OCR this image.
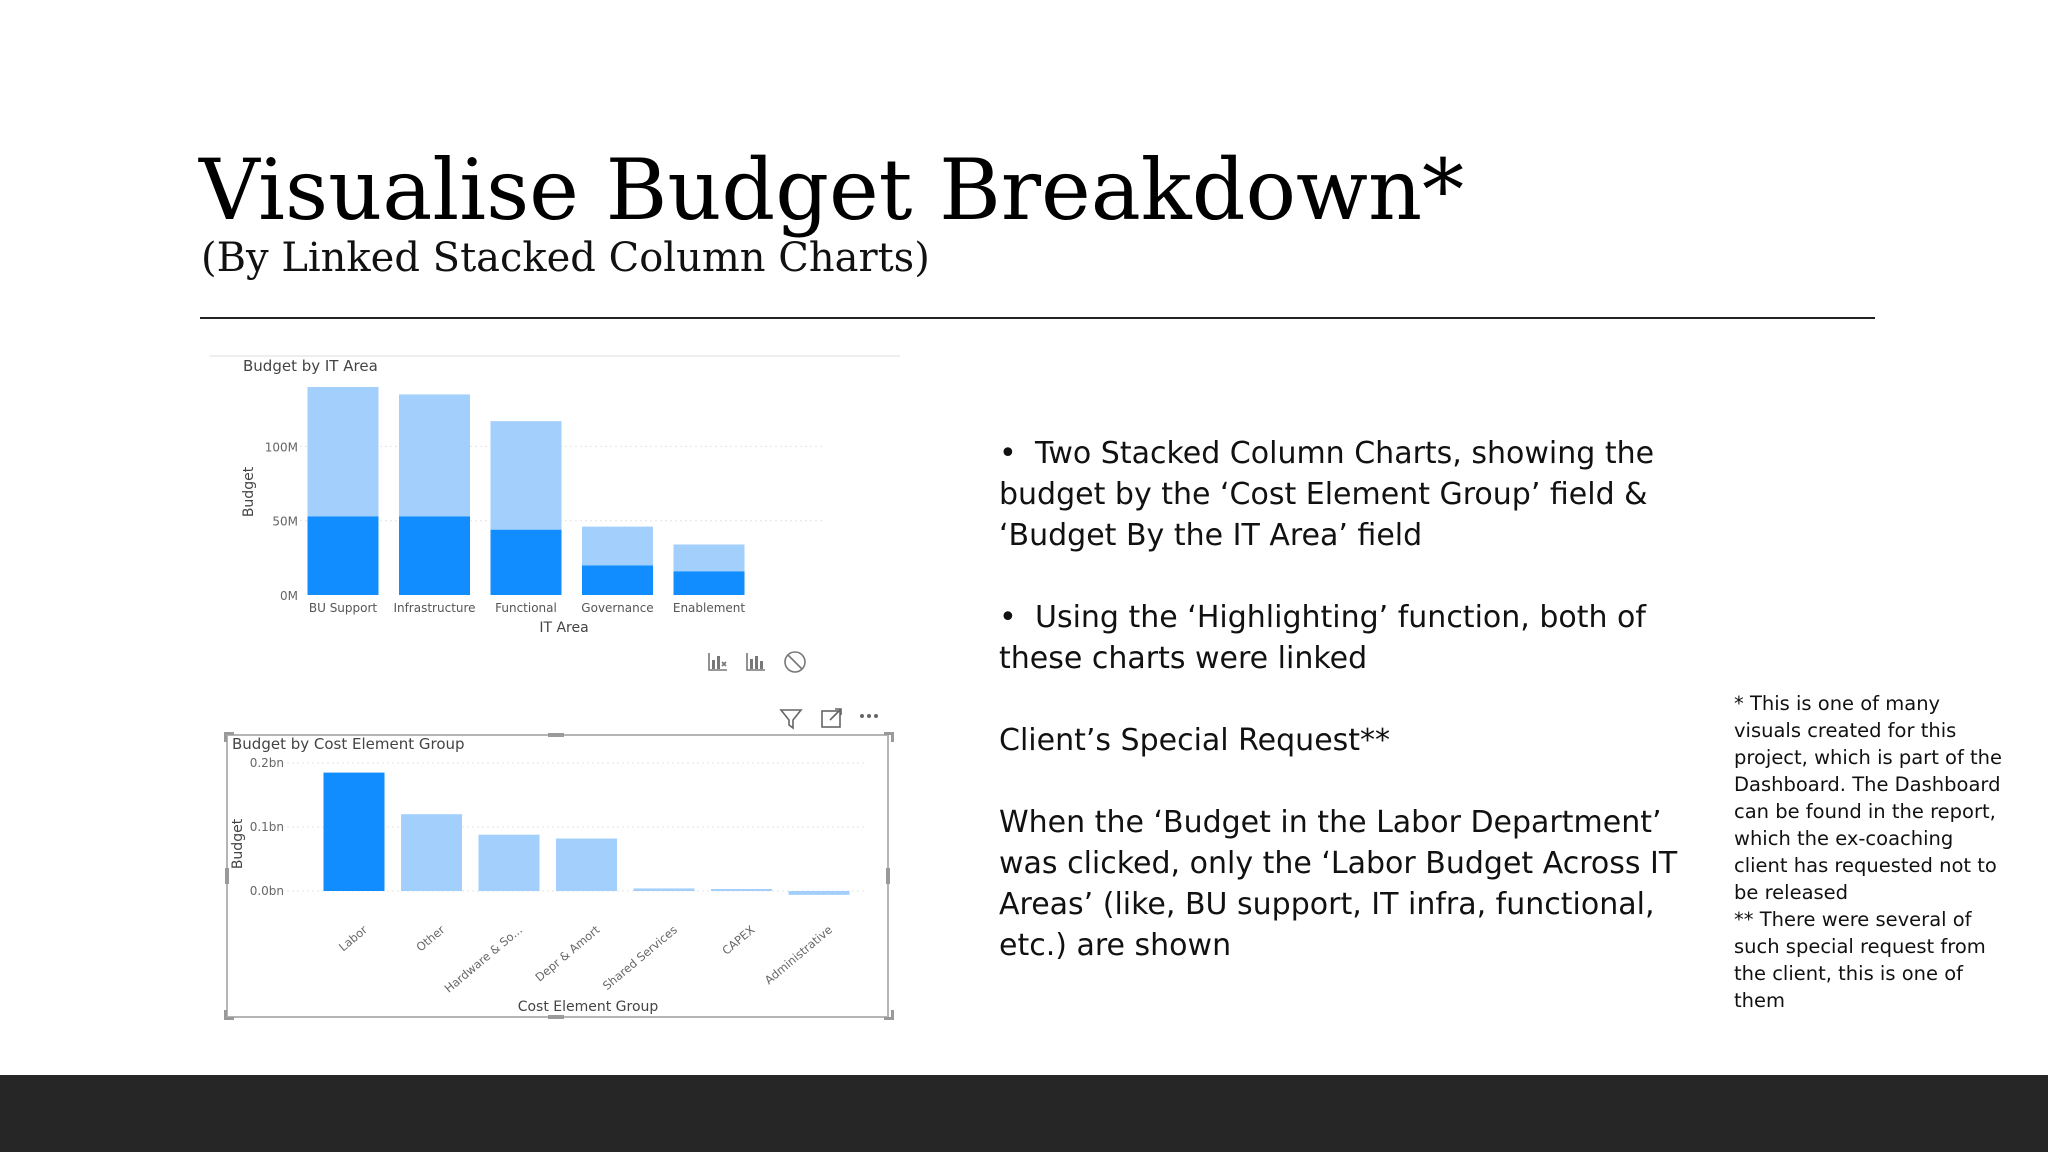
Visualise Budget Breakdown*
(By Linked Stacked Column Charts)
Budget by IT Area
Budget
IT Area
0M
50M
100M
BU Support Infrastructure Functional Governance Enablement
Budget by Cost Element Group
Budget
Cost Element Group
0.0bn
0.1bn
0.2bn
Labor	Other
Hardware & So... Depr & Amort
Shared Services	CAPEX Administrative

• Two Stacked Column Charts, showing the budget by the ‘Cost Element Group’ field & ‘Budget By the IT Area’ field

• Using the ‘Highlighting’ function, both of these charts were linked

Client’s Special Request**

When the ‘Budget in the Labor Department’ was clicked, only the ‘Labor Budget Across IT Areas’ (like, BU support, IT infra, functional, etc.) are shown

* This is one of many visuals created for this project, which is part of the Dashboard. The Dashboard can be found in the report, which the ex-coaching client has requested not to be released

** There were several of such special request from the client, this is one of them
